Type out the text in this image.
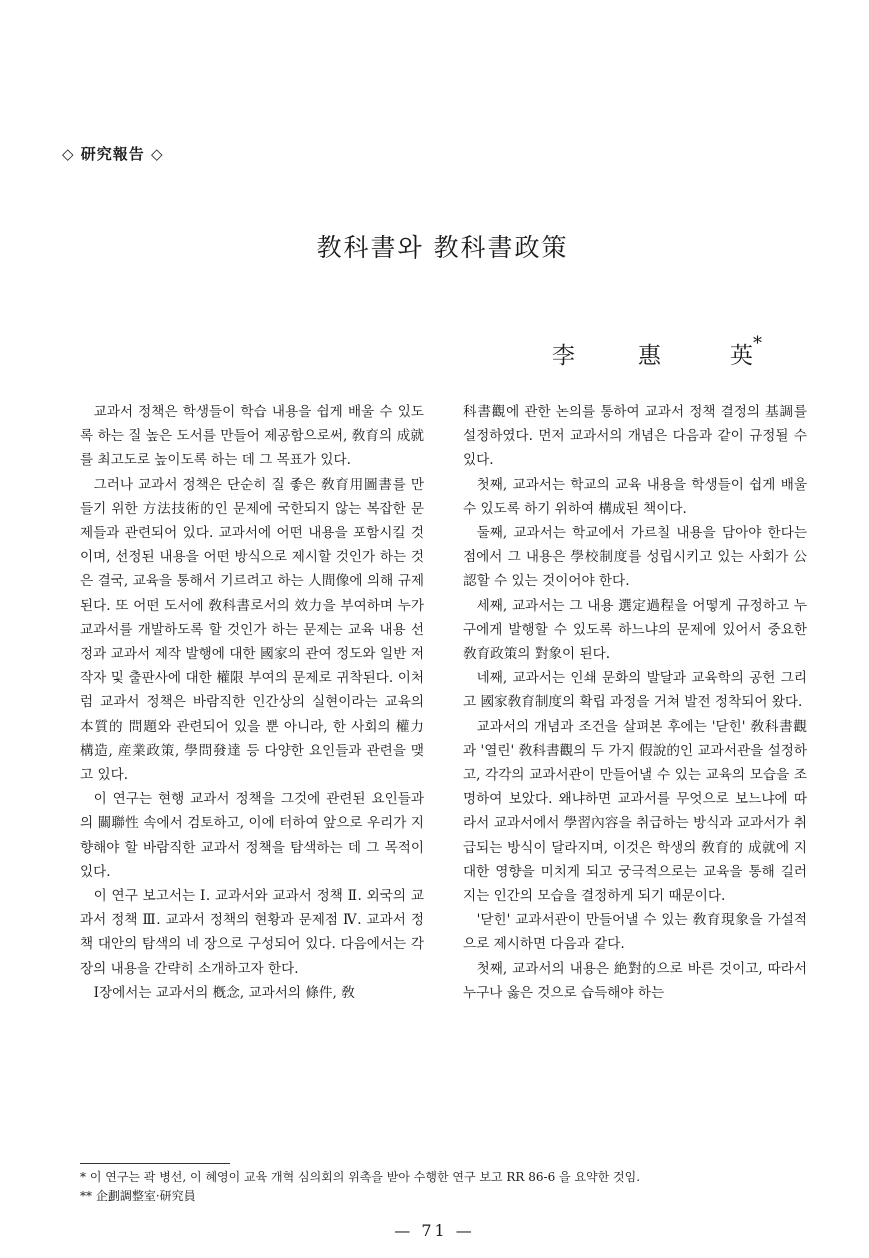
◇ 研究報告 ◇
教科書와 教科書政策
李	惠	英 *

교과서 정책은 학생들이 학습 내용을 쉽게 배울 수 있도록 하는 질 높은 도서를 만들어 제공함으로써, 敎育의 成就를 최고도로 높이도록 하는 데 그 목표가 있다.

그러나 교과서 정책은 단순히 질 좋은 敎育用圖書를 만들기 위한 方法技術的인 문제에 국한되지 않는 복잡한 문제들과 관련되어 있다. 교과서에 어떤 내용을 포함시킬 것이며, 선정된 내용을 어떤 방식으로 제시할 것인가 하는 것은 결국, 교육을 통해서 기르려고 하는 人間像에 의해 규제된다. 또 어떤 도서에 敎科書로서의 效力을 부여하며 누가 교과서를 개발하도록 할 것인가 하는 문제는 교육 내용 선정과 교과서 제작 발행에 대한 國家의 관여 정도와 일반 저작자 및 출판사에 대한 權限 부여의 문제로 귀착된다. 이처럼 교과서 정책은 바람직한 인간상의 실현이라는 교육의 本質的 問題와 관련되어 있을 뿐 아니라, 한 사회의 權力構造, 産業政策, 學問發達 등 다양한 요인들과 관련을 맺고 있다.

이 연구는 현행 교과서 정책을 그것에 관련된 요인들과의 關聯性 속에서 검토하고, 이에 터하여 앞으로 우리가 지향해야 할 바람직한 교과서 정책을 탐색하는 데 그 목적이 있다.

이 연구 보고서는 Ⅰ. 교과서와 교과서 정책 Ⅱ. 외국의 교과서 정책 Ⅲ. 교과서 정책의 현황과 문제점 Ⅳ. 교과서 정책 대안의 탐색의 네 장으로 구성되어 있다. 다음에서는 각 장의 내용을 간략히 소개하고자 한다.

Ⅰ장에서는 교과서의 槪念, 교과서의 條件, 敎

科書觀에 관한 논의를 통하여 교과서 정책 결정의 基調를 설정하였다. 먼저 교과서의 개념은 다음과 같이 규정될 수 있다.

첫째, 교과서는 학교의 교육 내용을 학생들이 쉽게 배울 수 있도록 하기 위하여 構成된 책이다.

둘째, 교과서는 학교에서 가르칠 내용을 담아야 한다는 점에서 그 내용은 學校制度를 성립시키고 있는 사회가 公認할 수 있는 것이어야 한다.

세째, 교과서는 그 내용 選定過程을 어떻게 규정하고 누구에게 발행할 수 있도록 하느냐의 문제에 있어서 중요한 敎育政策의 對象이 된다.

네째, 교과서는 인쇄 문화의 발달과 교육학의 공헌 그리고 國家敎育制度의 확립 과정을 거쳐 발전 정착되어 왔다.

교과서의 개념과 조건을 살펴본 후에는 '닫힌' 敎科書觀과 '열린' 敎科書觀의 두 가지 假說的인 교과서관을 설정하고, 각각의 교과서관이 만들어낼 수 있는 교육의 모습을 조명하여 보았다. 왜냐하면 교과서를 무엇으로 보느냐에 따라서 교과서에서 學習內容을 취급하는 방식과 교과서가 취급되는 방식이 달라지며, 이것은 학생의 敎育的 成就에 지대한 영향을 미치게 되고 궁극적으로는 교육을 통해 길러지는 인간의 모습을 결정하게 되기 때문이다.

'닫힌' 교과서관이 만들어낼 수 있는 敎育現象을 가설적으로 제시하면 다음과 같다.

첫째, 교과서의 내용은 絶對的으로 바른 것이고, 따라서 누구나 옳은 것으로 습득해야 하는

* 이 연구는 곽 병선, 이 혜영이 교육 개혁 심의회의 위촉을 받아 수행한 연구 보고 RR 86-6 을 요약한 것임.
** 企劃調整室·研究員
— 71 —
